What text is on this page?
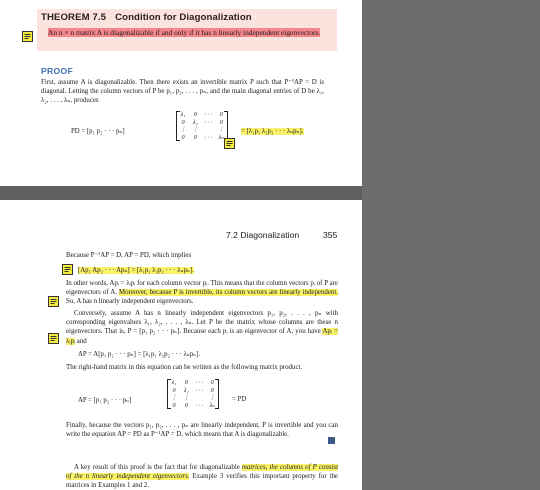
THEOREM 7.5 Condition for Diagonalization
An n × n matrix A is diagonalizable if and only if it has n linearly independent eigenvectors.
PROOF
First, assume A is diagonalizable. Then there exists an invertible matrix P such that P⁻¹AP = D is diagonal. Letting the column vectors of P be p₁, p₂, . . . , pₙ, and the main diagonal entries of D be λ₁, λ₂, . . . , λₙ, produces
PD = [p₁ p₂ · · · pₙ]
λ₁	0	· · ·	0
0	λ₂	· · ·	0
⋮	⋮		⋮
0	0	· · ·	λₙ
= [λ₁p₁ λ₂p₂ · · · λₙpₙ].
7.2 Diagonalization	355
Because P⁻¹AP = D, AP = PD, which implies
[Ap₁ Ap₂ · · · Apₙ] = [λ₁p₁ λ₂p₂ · · · λₙpₙ].
In other words, Apᵢ = λᵢpᵢ for each column vector pᵢ. This means that the column vectors pᵢ of P are eigenvectors of A. Moreover, because P is invertible, its column vectors are linearly independent. So, A has n linearly independent eigenvectors.
Conversely, assume A has n linearly independent eigenvectors p₁, p₂, . . . , pₙ with corresponding eigenvalues λ₁, λ₂, . . . , λₙ. Let P be the matrix whose columns are these n eigenvectors. That is, P = [p₁ p₂ · · · pₙ]. Because each pᵢ is an eigenvector of A, you have Apᵢ = λᵢpᵢ and
AP = A[p₁ p₂ · · · pₙ] = [λ₁p₁ λ₂p₂ · · · λₙpₙ].
The right-hand matrix in this equation can be written as the following matrix product.
AP = [p₁ p₂ · · · pₙ]
λ₁	0	· · ·	0
0	λ₂	· · ·	0
⋮	⋮		⋮
0	0	· · ·	λₙ
= PD
Finally, because the vectors p₁, p₂, . . . , pₙ are linearly independent, P is invertible and you can write the equation AP = PD as P⁻¹AP = D, which means that A is diagonalizable.
A key result of this proof is the fact that for diagonalizable matrices, the columns of P consist of the n linearly independent eigenvectors. Example 3 verifies this important property for the matrices in Examples 1 and 2.
